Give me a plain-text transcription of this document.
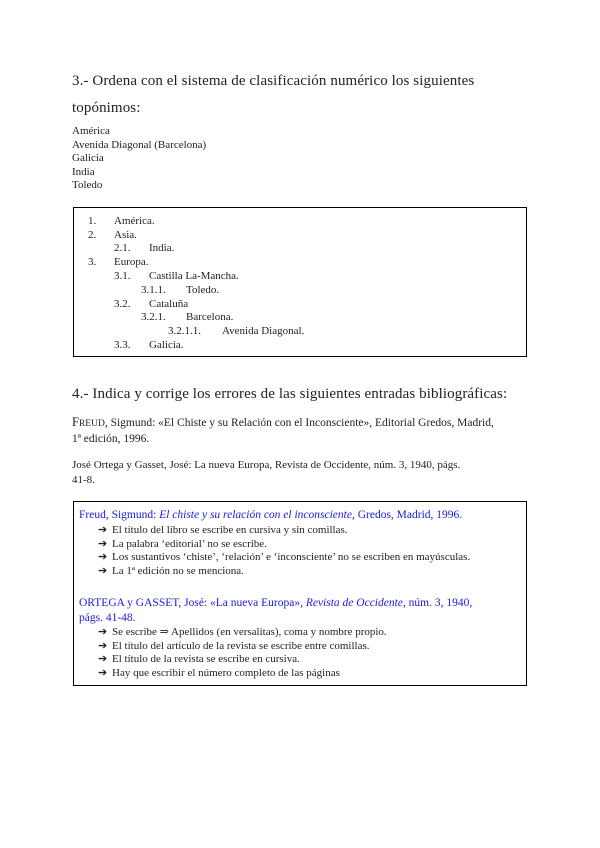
3.- Ordena con el sistema de clasificación numérico los siguientes
topónimos:
América
Avenida Diagonal (Barcelona)
Galicia
India
Toledo
1. América.
2. Asia.
2.1. India.
3. Europa.
3.1. Castilla La-Mancha.
3.1.1. Toledo.
3.2. Cataluña
3.2.1. Barcelona.
3.2.1.1. Avenida Diagonal.
3.3. Galicia.
4.- Indica y corrige los errores de las siguientes entradas bibliográficas:
FREUD, Sigmund: «El Chiste y su Relación con el Inconsciente», Editorial Gredos, Madrid,
1ª edición, 1996.
José Ortega y Gasset, José: La nueva Europa, Revista de Occidente, núm. 3, 1940, págs.
41-8.
Freud, Sigmund: El chiste y su relación con el inconsciente, Gredos, Madrid, 1996.
➔ El título del libro se escribe en cursiva y sin comillas.
➔ La palabra ‘editorial’ no se escribe.
➔ Los sustantivos ‘chiste’, ‘relación’ e ‘inconsciente’ no se escriben en mayúsculas.
➔ La 1ª edición no se menciona.
ORTEGA y GASSET, José: «La nueva Europa», Revista de Occidente, núm. 3, 1940,
págs. 41-48.
➔ Se escribe ⇒ Apellidos (en versalitas), coma y nombre propio.
➔ El título del artículo de la revista se escribe entre comillas.
➔ El título de la revista se escribe en cursiva.
➔ Hay que escribir el número completo de las páginas
